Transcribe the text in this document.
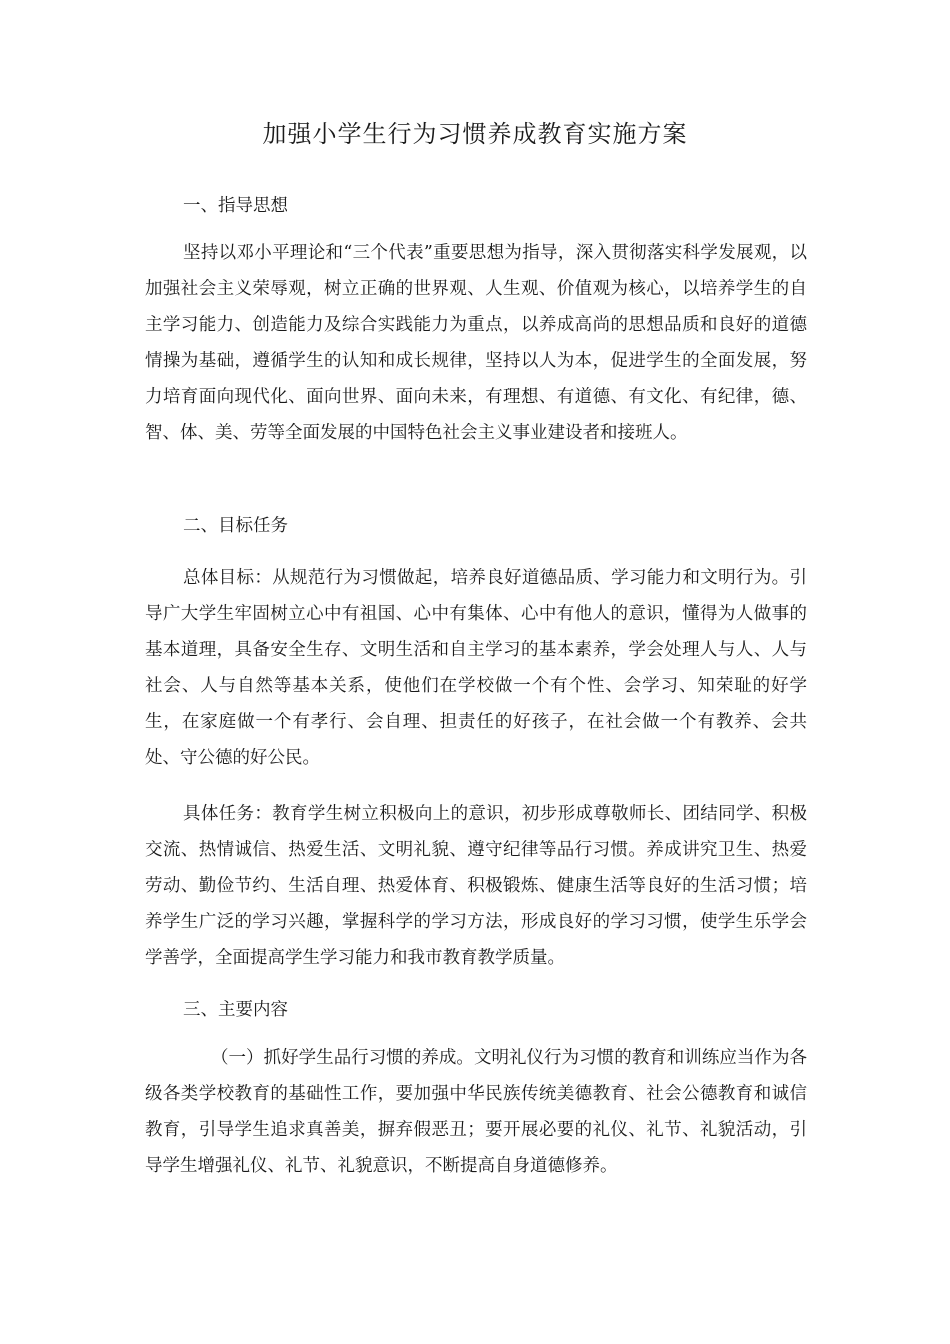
加强小学生行为习惯养成教育实施方案
一、指导思想

坚持以邓小平理论和“三个代表”重要思想为指导，深入贯彻落实科学发展观，以加强社会主义荣辱观，树立正确的世界观、人生观、价值观为核心，以培养学生的自主学习能力、创造能力及综合实践能力为重点，以养成高尚的思想品质和良好的道德情操为基础，遵循学生的认知和成长规律，坚持以人为本，促进学生的全面发展，努力培育面向现代化、面向世界、面向未来，有理想、有道德、有文化、有纪律，德、智、体、美、劳等全面发展的中国特色社会主义事业建设者和接班人。

二、目标任务

总体目标：从规范行为习惯做起，培养良好道德品质、学习能力和文明行为。引导广大学生牢固树立心中有祖国、心中有集体、心中有他人的意识，懂得为人做事的基本道理，具备安全生存、文明生活和自主学习的基本素养，学会处理人与人、人与社会、人与自然等基本关系，使他们在学校做一个有个性、会学习、知荣耻的好学生，在家庭做一个有孝行、会自理、担责任的好孩子，在社会做一个有教养、会共处、守公德的好公民。

具体任务：教育学生树立积极向上的意识，初步形成尊敬师长、团结同学、积极交流、热情诚信、热爱生活、文明礼貌、遵守纪律等品行习惯。养成讲究卫生、热爱劳动、勤俭节约、生活自理、热爱体育、积极锻炼、健康生活等良好的生活习惯；培养学生广泛的学习兴趣，掌握科学的学习方法，形成良好的学习习惯，使学生乐学会学善学，全面提高学生学习能力和我市教育教学质量。

三、主要内容

（一）抓好学生品行习惯的养成。文明礼仪行为习惯的教育和训练应当作为各级各类学校教育的基础性工作，要加强中华民族传统美德教育、社会公德教育和诚信教育，引导学生追求真善美，摒弃假恶丑；要开展必要的礼仪、礼节、礼貌活动，引导学生增强礼仪、礼节、礼貌意识，不断提高自身道德修养。
